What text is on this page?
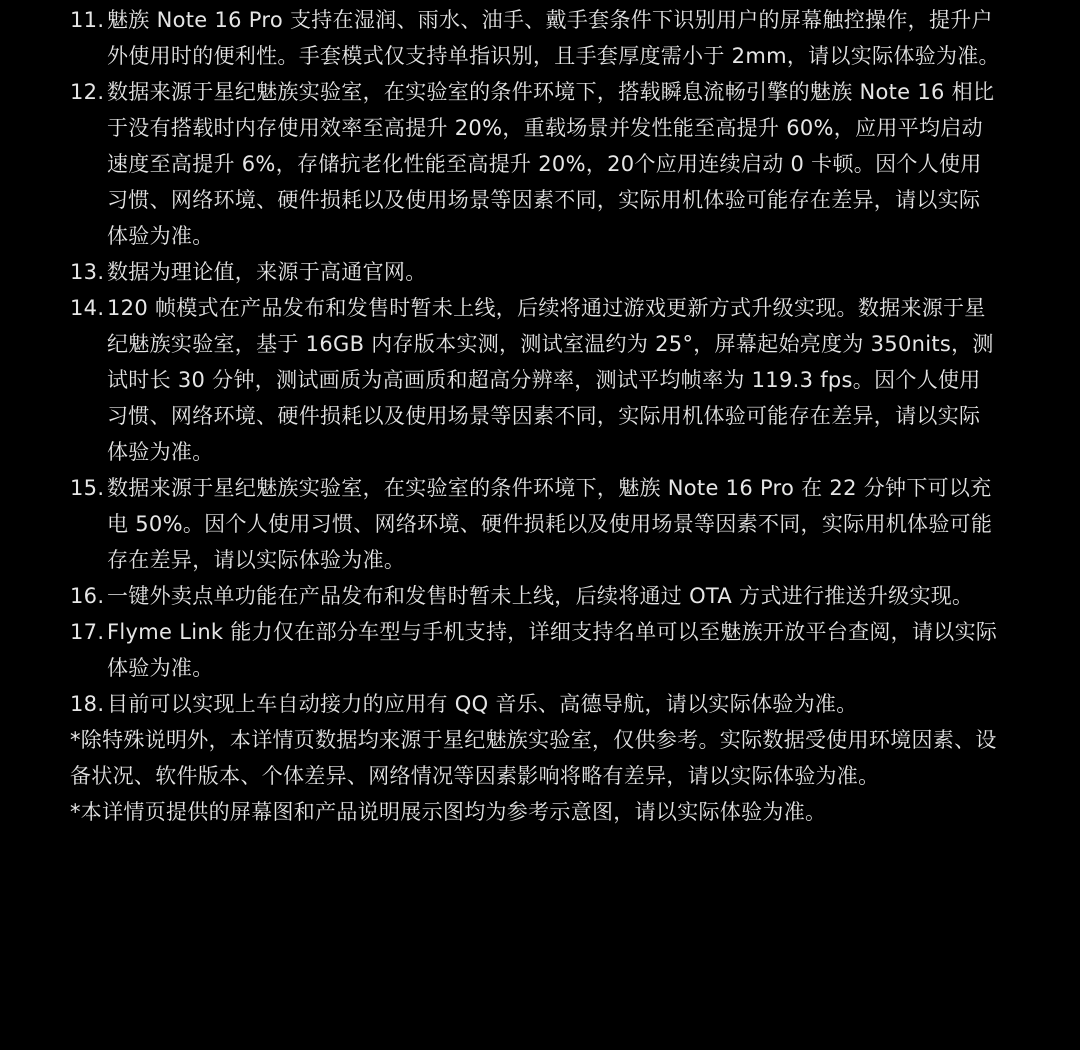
11. 魅族 Note 16 Pro 支持在湿润、雨水、油手、戴手套条件下识别用户的屏幕触控操作，提升户外使用时的便利性。手套模式仅支持单指识别，且手套厚度需小于 2mm，请以实际体验为准。
12. 数据来源于星纪魅族实验室，在实验室的条件环境下，搭载瞬息流畅引擎的魅族 Note 16 相比于没有搭载时内存使用效率至高提升 20%，重载场景并发性能至高提升 60%，应用平均启动速度至高提升 6%，存储抗老化性能至高提升 20%，20个应用连续启动 0 卡顿。因个人使用习惯、网络环境、硬件损耗以及使用场景等因素不同，实际用机体验可能存在差异，请以实际体验为准。
13. 数据为理论值，来源于高通官网。
14. 120 帧模式在产品发布和发售时暂未上线，后续将通过游戏更新方式升级实现。数据来源于星纪魅族实验室，基于 16GB 内存版本实测，测试室温约为 25°，屏幕起始亮度为 350nits，测试时长 30 分钟，测试画质为高画质和超高分辨率，测试平均帧率为 119.3 fps。因个人使用习惯、网络环境、硬件损耗以及使用场景等因素不同，实际用机体验可能存在差异，请以实际体验为准。
15. 数据来源于星纪魅族实验室，在实验室的条件环境下，魅族 Note 16 Pro 在 22 分钟下可以充电 50%。因个人使用习惯、网络环境、硬件损耗以及使用场景等因素不同，实际用机体验可能存在差异，请以实际体验为准。
16. 一键外卖点单功能在产品发布和发售时暂未上线，后续将通过 OTA 方式进行推送升级实现。
17. Flyme Link 能力仅在部分车型与手机支持，详细支持名单可以至魅族开放平台查阅，请以实际体验为准。
18. 目前可以实现上车自动接力的应用有 QQ 音乐、高德导航，请以实际体验为准。

*除特殊说明外，本详情页数据均来源于星纪魅族实验室，仅供参考。实际数据受使用环境因素、设备状况、软件版本、个体差异、网络情况等因素影响将略有差异，请以实际体验为准。

*本详情页提供的屏幕图和产品说明展示图均为参考示意图，请以实际体验为准。
